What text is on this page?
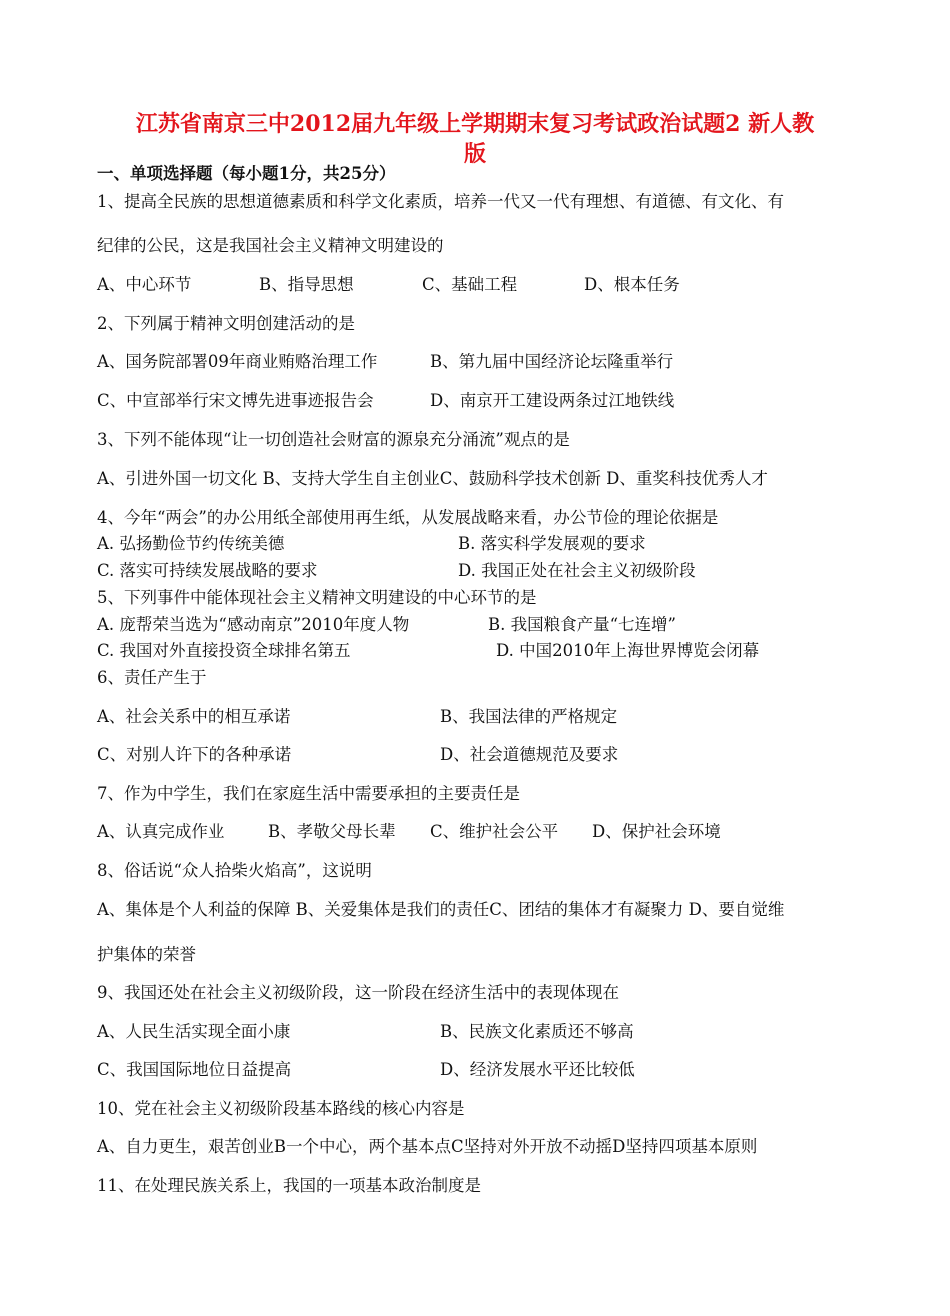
江苏省南京三中2012届九年级上学期期末复习考试政治试题2 新人教
版
一、单项选择题（每小题1分，共25分）
1、提高全民族的思想道德素质和科学文化素质，培养一代又一代有理想、有道德、有文化、有
纪律的公民，这是我国社会主义精神文明建设的
A、中心环节	B、指导思想	C、基础工程	D、根本任务
2、下列属于精神文明创建活动的是
A、国务院部署09年商业贿赂治理工作	B、第九届中国经济论坛隆重举行
C、中宣部举行宋文博先进事迹报告会	D、南京开工建设两条过江地铁线
3、下列不能体现“让一切创造社会财富的源泉充分涌流”观点的是
A、引进外国一切文化 B、支持大学生自主创业C、鼓励科学技术创新 D、重奖科技优秀人才
4、今年“两会”的办公用纸全部使用再生纸，从发展战略来看，办公节俭的理论依据是
A. 弘扬勤俭节约传统美德	B. 落实科学发展观的要求
C. 落实可持续发展战略的要求	D. 我国正处在社会主义初级阶段
5、下列事件中能体现社会主义精神文明建设的中心环节的是
A. 庞帮荣当选为“感动南京”2010年度人物	B. 我国粮食产量“七连增”
C. 我国对外直接投资全球排名第五	D. 中国2010年上海世界博览会闭幕
6、责任产生于
A、社会关系中的相互承诺	B、我国法律的严格规定
C、对别人许下的各种承诺	D、社会道德规范及要求
7、作为中学生，我们在家庭生活中需要承担的主要责任是
A、认真完成作业	B、孝敬父母长辈 C、维护社会公平 D、保护社会环境
8、俗话说“众人拾柴火焰高”，这说明
A、集体是个人利益的保障 B、关爱集体是我们的责任C、团结的集体才有凝聚力 D、要自觉维
护集体的荣誉
9、我国还处在社会主义初级阶段，这一阶段在经济生活中的表现体现在
A、人民生活实现全面小康	B、民族文化素质还不够高
C、我国国际地位日益提高	D、经济发展水平还比较低
10、党在社会主义初级阶段基本路线的核心内容是
A、自力更生，艰苦创业B一个中心，两个基本点C坚持对外开放不动摇D坚持四项基本原则
11、在处理民族关系上，我国的一项基本政治制度是
